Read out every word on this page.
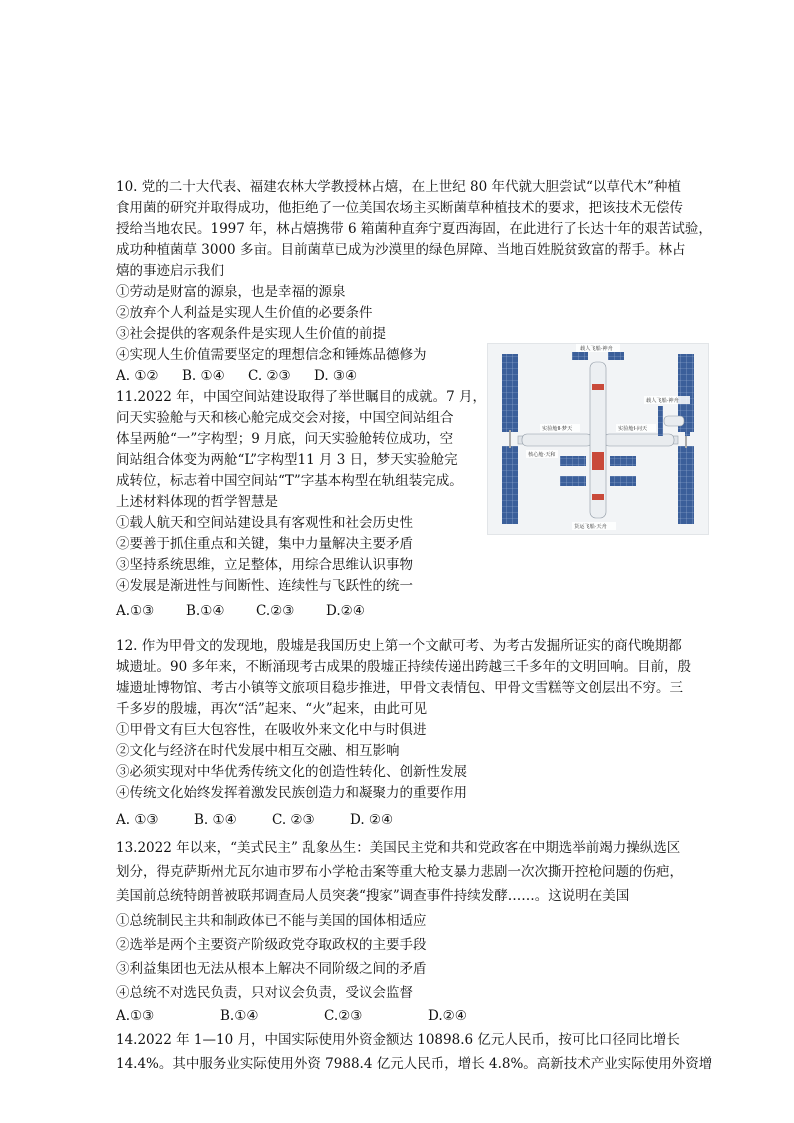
10. 党的二十大代表、福建农林大学教授林占熺，在上世纪 80 年代就大胆尝试“以草代木”种植
食用菌的研究并取得成功，他拒绝了一位美国农场主买断菌草种植技术的要求，把该技术无偿传
授给当地农民。1997 年，林占熺携带 6 箱菌种直奔宁夏西海固，在此进行了长达十年的艰苦试验，
成功种植菌草 3000 多亩。目前菌草已成为沙漠里的绿色屏障、当地百姓脱贫致富的帮手。林占
熺的事迹启示我们
①劳动是财富的源泉，也是幸福的源泉
②放弃个人利益是实现人生价值的必要条件
③社会提供的客观条件是实现人生价值的前提
④实现人生价值需要坚定的理想信念和锤炼品德修为
A. ①② B. ①④ C. ②③ D. ③④
11.2022 年，中国空间站建设取得了举世瞩目的成就。7 月，
问天实验舱与天和核心舱完成交会对接，中国空间站组合
体呈两舱“一”字构型；9 月底，问天实验舱转位成功，空
间站组合体变为两舱“L”字构型11 月 3 日，梦天实验舱完
成转位，标志着中国空间站“T”字基本构型在轨组装完成。
上述材料体现的哲学智慧是
①载人航天和空间站建设具有客观性和社会历史性
②要善于抓住重点和关键，集中力量解决主要矛盾
③坚持系统思维，立足整体，用综合思维认识事物
④发展是渐进性与间断性、连续性与飞跃性的统一
A.①③ B.①④ C.②③ D.②④
载人飞船·神舟
实验舱Ⅱ·梦天	实验舱Ⅰ·问天
载人飞船·神舟
核心舱·天和
货运飞船·天舟
12. 作为甲骨文的发现地，殷墟是我国历史上第一个文献可考、为考古发掘所证实的商代晚期都
城遗址。90 多年来，不断涌现考古成果的殷墟正持续传递出跨越三千多年的文明回响。目前，殷
墟遗址博物馆、考古小镇等文旅项目稳步推进，甲骨文表情包、甲骨文雪糕等文创层出不穷。三
千多岁的殷墟，再次“活”起来、“火”起来，由此可见
①甲骨文有巨大包容性，在吸收外来文化中与时俱进
②文化与经济在时代发展中相互交融、相互影响
③必须实现对中华优秀传统文化的创造性转化、创新性发展
④传统文化始终发挥着激发民族创造力和凝聚力的重要作用
A. ①③	B. ①④	C. ②③	D. ②④
13.2022 年以来，“美式民主” 乱象丛生：美国民主党和共和党政客在中期选举前竭力操纵选区
划分，得克萨斯州尤瓦尔迪市罗布小学枪击案等重大枪支暴力悲剧一次次撕开控枪问题的伤疤，
美国前总统特朗普被联邦调查局人员突袭“搜家”调查事件持续发酵……。这说明在美国
①总统制民主共和制政体已不能与美国的国体相适应
②选举是两个主要资产阶级政党夺取政权的主要手段
③利益集团也无法从根本上解决不同阶级之间的矛盾
④总统不对选民负责，只对议会负责，受议会监督
A.①③	B.①④	C.②③	D.②④
14.2022 年 1—10 月，中国实际使用外资金额达 10898.6 亿元人民币，按可比口径同比增长
14.4%。其中服务业实际使用外资 7988.4 亿元人民币，增长 4.8%。高新技术产业实际使用外资增
